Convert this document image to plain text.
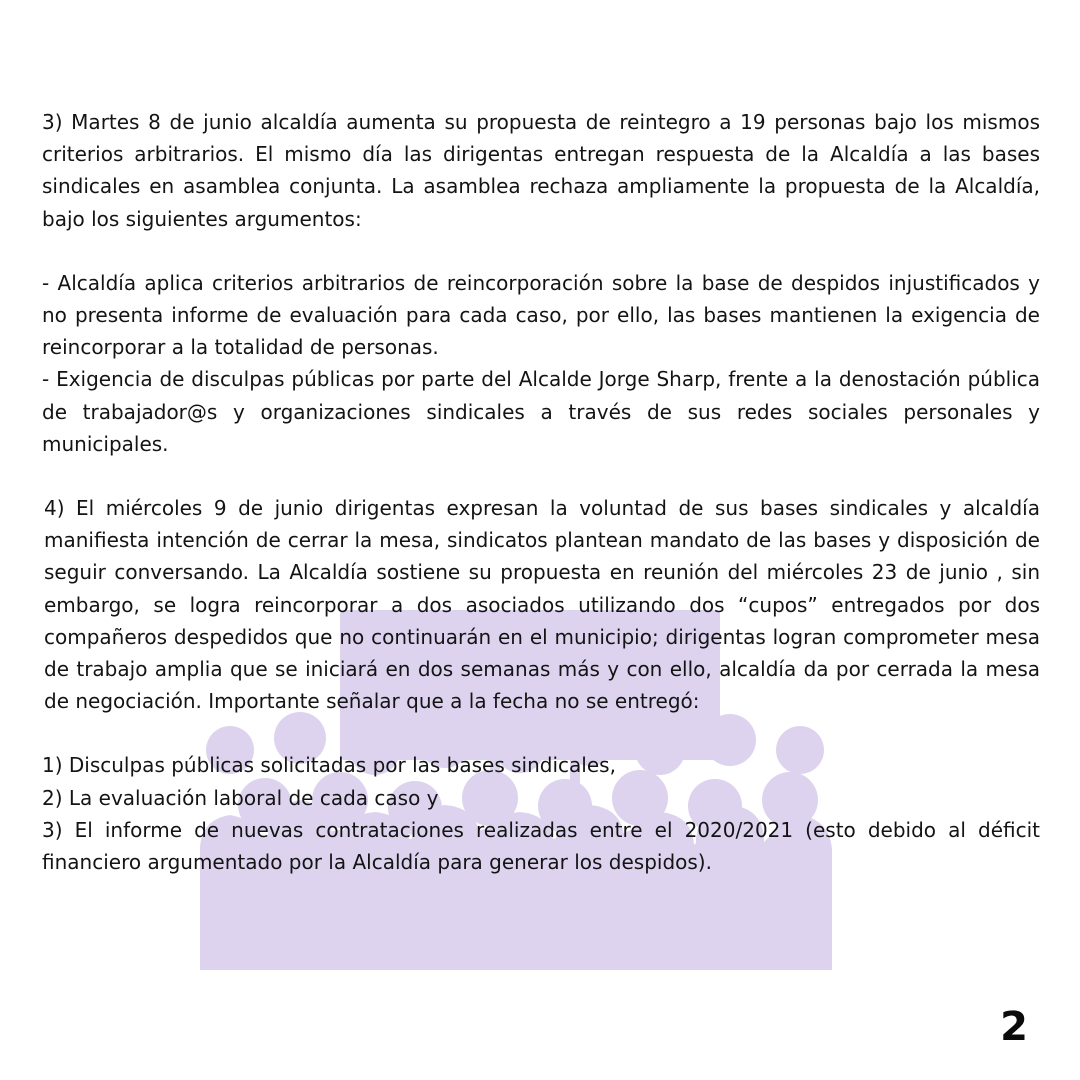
3) Martes 8 de junio alcaldía aumenta su propuesta de reintegro a 19 personas bajo los mismos criterios arbitrarios. El mismo día las dirigentas entregan respuesta de la Alcaldía a las bases sindicales en asamblea conjunta. La asamblea rechaza ampliamente la propuesta de la Alcaldía, bajo los siguientes argumentos:

- Alcaldía aplica criterios arbitrarios de reincorporación sobre la base de despidos injustificados y no presenta informe de evaluación para cada caso, por ello, las bases mantienen la exigencia de reincorporar a la totalidad de personas.

- Exigencia de disculpas públicas por parte del Alcalde Jorge Sharp, frente a la denostación pública de trabajador@s y organizaciones sindicales a través de sus redes sociales personales y municipales.

4) El miércoles 9 de junio dirigentas expresan la voluntad de sus bases sindicales y alcaldía manifiesta intención de cerrar la mesa, sindicatos plantean mandato de las bases y disposición de seguir conversando. La Alcaldía sostiene su propuesta en reunión del miércoles 23 de junio , sin embargo, se logra reincorporar a dos asociados utilizando dos “cupos” entregados por dos compañeros despedidos que no continuarán en el municipio; dirigentas logran comprometer mesa de trabajo amplia que se iniciará en dos semanas más y con ello, alcaldía da por cerrada la mesa de negociación. Importante señalar que a la fecha no se entregó:

1) Disculpas públicas solicitadas por las bases sindicales,

2) La evaluación laboral de cada caso y

3) El informe de nuevas contrataciones realizadas entre el 2020/2021 (esto debido al déficit financiero argumentado por la Alcaldía para generar los despidos).

2
